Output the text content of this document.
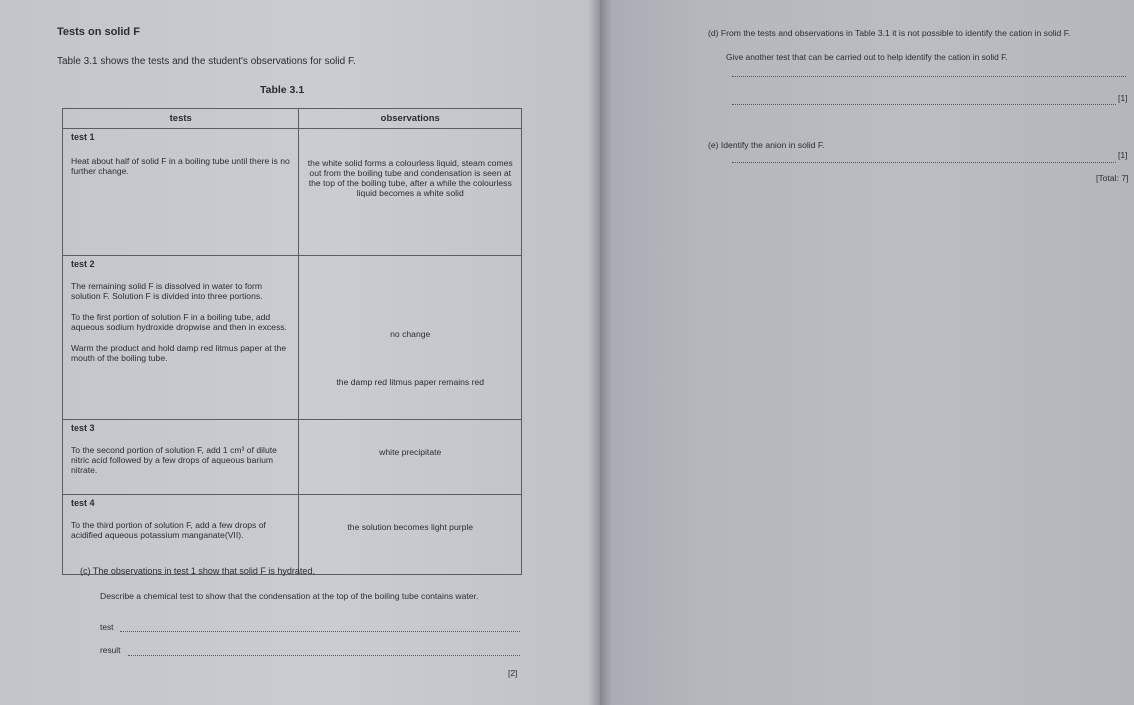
Tests on solid F
Table 3.1 shows the tests and the student's observations for solid F.
Table 3.1
tests	observations

test 1
Heat about half of solid F in a boiling tube until there is no further change.	the white solid forms a colourless liquid, steam comes out from the boiling tube and condensation is seen at the top of the boiling tube, after a while the colourless liquid becomes a white solid

test 2
The remaining solid F is dissolved in water to form solution F. Solution F is divided into three portions.
To the first portion of solution F in a boiling tube, add aqueous sodium hydroxide dropwise and then in excess.
Warm the product and hold damp red litmus paper at the mouth of the boiling tube.	no change
the damp red litmus paper remains red

test 3
To the second portion of solution F, add 1 cm³ of dilute nitric acid followed by a few drops of aqueous barium nitrate.	white precipitate

test 4
To the third portion of solution F, add a few drops of acidified aqueous potassium manganate(VII).	the solution becomes light purple
(c) The observations in test 1 show that solid F is hydrated.
Describe a chemical test to show that the condensation at the top of the boiling tube contains water.
test
result
[2]
(d) From the tests and observations in Table 3.1 it is not possible to identify the cation in solid F.
Give another test that can be carried out to help identify the cation in solid F.
[1]
(e) Identify the anion in solid F.
[1]
[Total: 7]
